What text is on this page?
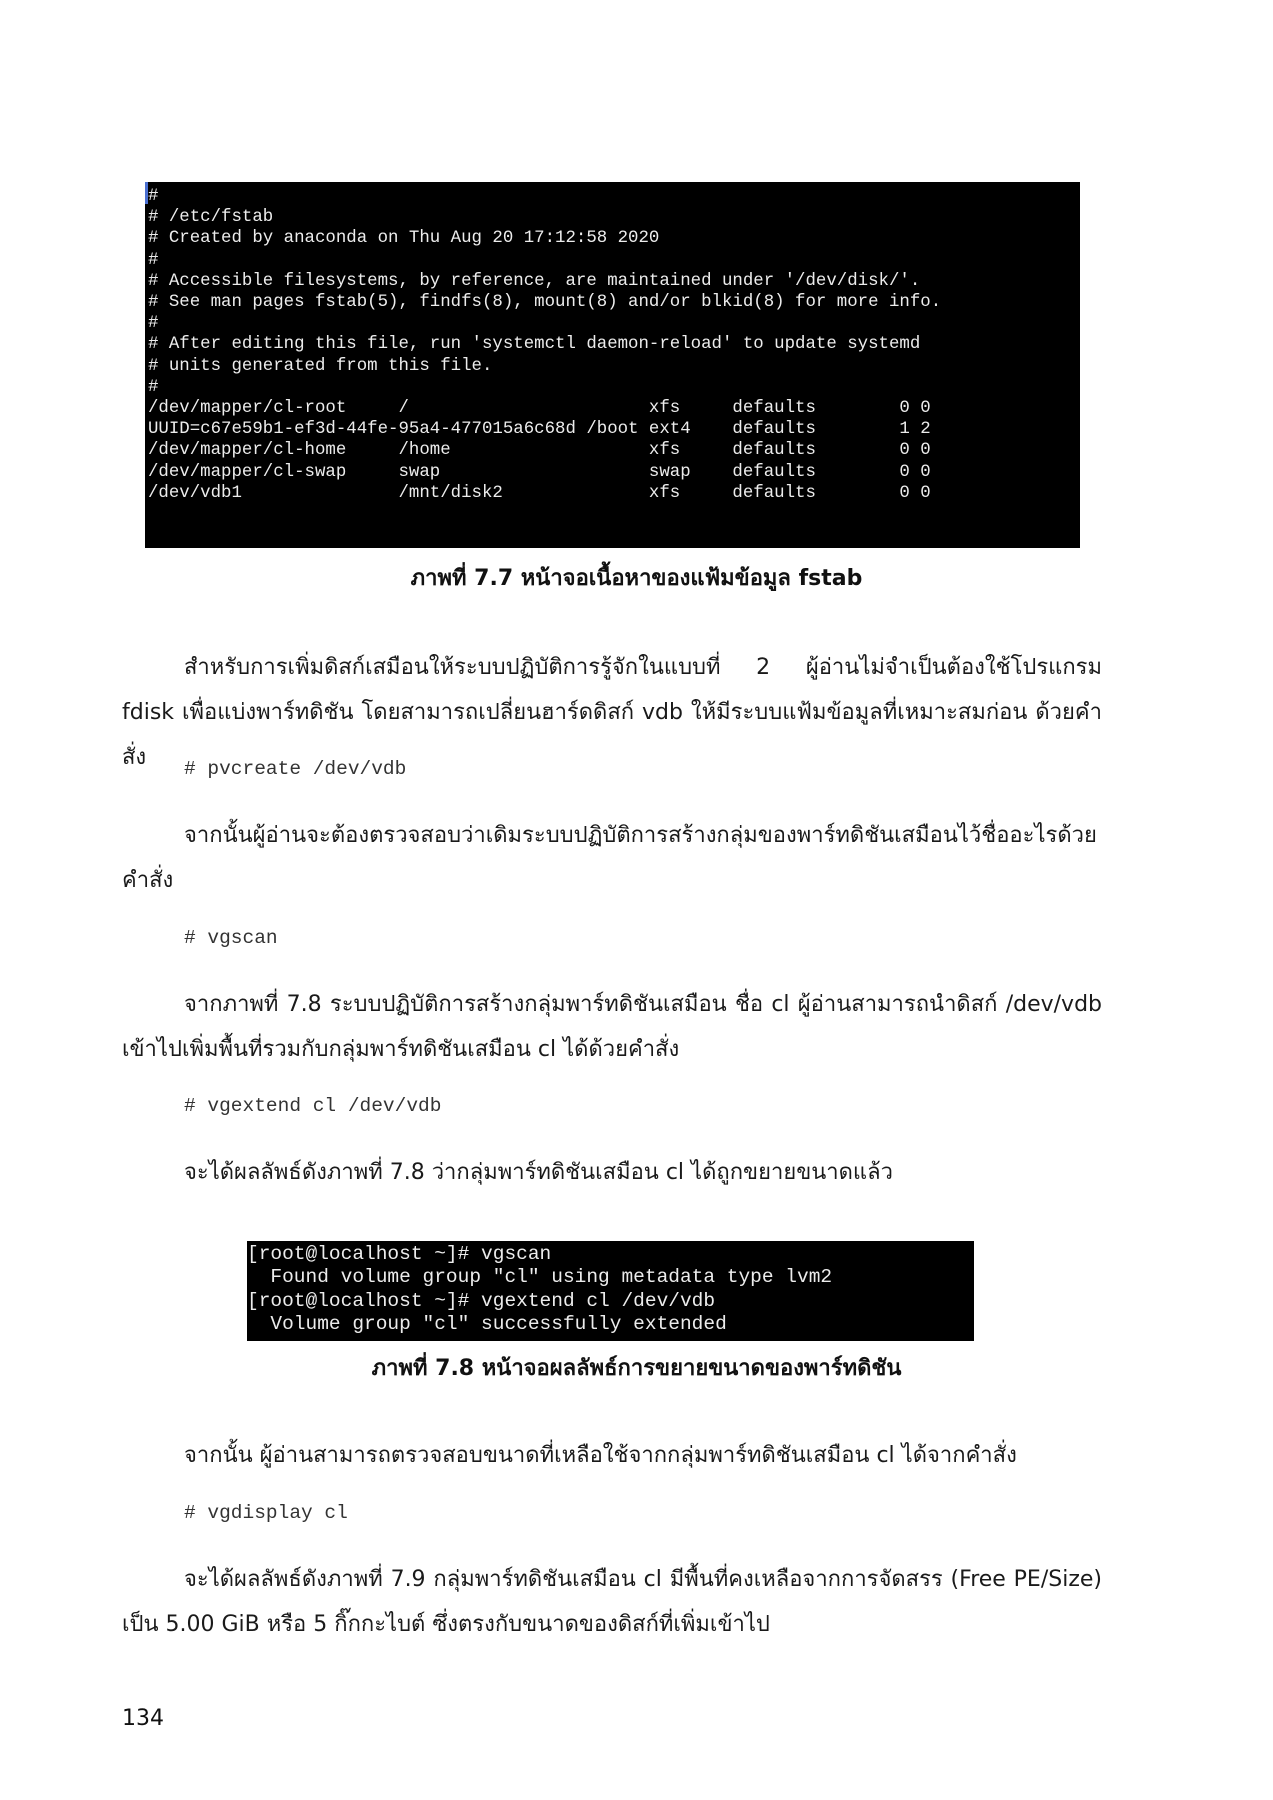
#
# /etc/fstab
# Created by anaconda on Thu Aug 20 17:12:58 2020
#
# Accessible filesystems, by reference, are maintained under '/dev/disk/'.
# See man pages fstab(5), findfs(8), mount(8) and/or blkid(8) for more info.
#
# After editing this file, run 'systemctl daemon-reload' to update systemd
# units generated from this file.
#
/dev/mapper/cl-root     /                       xfs     defaults        0 0
UUID=c67e59b1-ef3d-44fe-95a4-477015a6c68d /boot ext4    defaults        1 2
/dev/mapper/cl-home     /home                   xfs     defaults        0 0
/dev/mapper/cl-swap     swap                    swap    defaults        0 0
/dev/vdb1               /mnt/disk2              xfs     defaults        0 0
ภาพที่ 7.7 หน้าจอเนื้อหาของแฟ้มข้อมูล fstab

สำหรับการเพิ่มดิสก์เสมือนให้ระบบปฏิบัติการรู้จักในแบบที่ 2 ผู้อ่านไม่จำเป็นต้องใช้โปรแกรม fdisk เพื่อแบ่งพาร์ทดิชัน โดยสามารถเปลี่ยนฮาร์ดดิสก์ vdb ให้มีระบบแฟ้มข้อมูลที่เหมาะสมก่อน ด้วยคำสั่ง	# pvcreate /dev/vdb

จากนั้นผู้อ่านจะต้องตรวจสอบว่าเดิมระบบปฏิบัติการสร้างกลุ่มของพาร์ทดิชันเสมือนไว้ชื่ออะไรด้วยคำสั่ง

# vgscan

จากภาพที่ 7.8 ระบบปฏิบัติการสร้างกลุ่มพาร์ทดิชันเสมือน ชื่อ cl ผู้อ่านสามารถนำดิสก์ /dev/vdb เข้าไปเพิ่มพื้นที่รวมกับกลุ่มพาร์ทดิชันเสมือน cl ได้ด้วยคำสั่ง

# vgextend cl /dev/vdb

จะได้ผลลัพธ์ดังภาพที่ 7.8 ว่ากลุ่มพาร์ทดิชันเสมือน cl ได้ถูกขยายขนาดแล้ว

[root@localhost ~]# vgscan
Found volume group "cl" using metadata type lvm2
[root@localhost ~]# vgextend cl /dev/vdb
Volume group "cl" successfully extended
ภาพที่ 7.8 หน้าจอผลลัพธ์การขยายขนาดของพาร์ทดิชัน

จากนั้น ผู้อ่านสามารถตรวจสอบขนาดที่เหลือใช้จากกลุ่มพาร์ทดิชันเสมือน cl ได้จากคำสั่ง

# vgdisplay cl

จะได้ผลลัพธ์ดังภาพที่ 7.9 กลุ่มพาร์ทดิชันเสมือน cl มีพื้นที่คงเหลือจากการจัดสรร (Free PE/Size) เป็น 5.00 GiB หรือ 5 กิ๊กกะไบต์ ซึ่งตรงกับขนาดของดิสก์ที่เพิ่มเข้าไป

134
